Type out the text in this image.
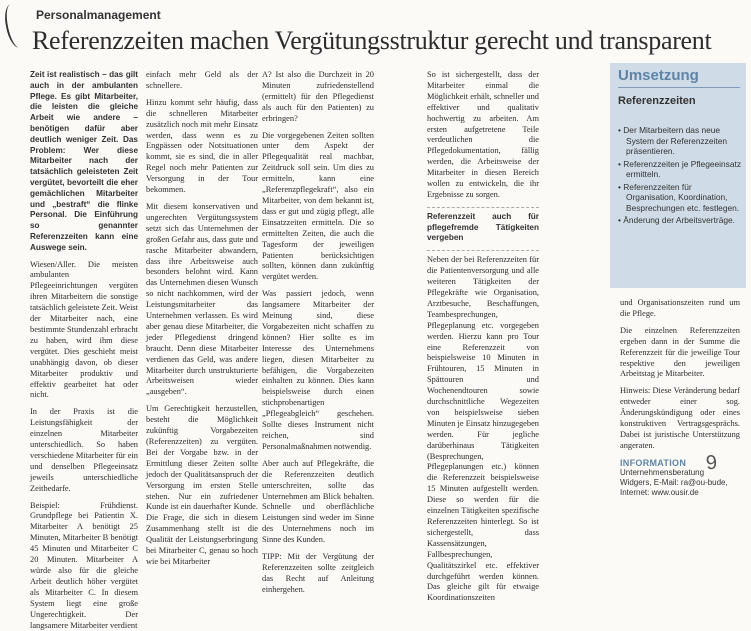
Personalmanagement
Referenzzeiten machen Vergütungsstruktur gerecht und transparent

Zeit ist realistisch – das gilt auch in der ambulanten Pflege. Es gibt Mitarbeiter, die leisten die gleiche Arbeit wie andere – benötigen dafür aber deutlich weniger Zeit. Das Problem: Wer diese Mitarbeiter nach der tatsächlich geleisteten Zeit vergütet, bevorteilt die eher gemächlichen Mitarbeiter und „bestraft“ die flinke Personal. Die Einführung so genannter Referenzzeiten kann eine Auswege sein.

Wiesen/Aller. Die meisten ambulanten Pflegeeinrichtungen vergüten ihren Mitarbeitern die sonstige tatsächlich geleistete Zeit. Weist der Mitarbeiter nach, eine bestimmte Stundenzahl erbracht zu haben, wird ihm diese vergütet. Dies geschieht meist unabhängig davon, ob dieser Mitarbeiter produktiv und effektiv gearbeitet hat oder nicht.

In der Praxis ist die Leistungsfähigkeit der einzelnen Mitarbeiter unterschiedlich. So haben verschiedene Mitarbeiter für ein und denselben Pflegeeinsatz jeweils unterschiedliche Zeitbedarfe.

Beispiel: Frühdienst. Grundpflege bei Patientin X. Mitarbeiter A benötigt 25 Minuten, Mitarbeiter B benötigt 45 Minuten und Mitarbeiter C 20 Minuten. Mitarbeiter A würde also für die gleiche Arbeit deutlich höher vergütet als Mitarbeiter C. In diesem System liegt eine große Ungerechtigkeit. Der langsamere Mitarbeiter verdient

einfach mehr Geld als der schnellere.

Hinzu kommt sehr häufig, dass die schnelleren Mitarbeiter zusätzlich noch mit mehr Einsatz werden, dass wenn es zu Engpässen oder Notsituationen kommt, sie es sind, die in aller Regel noch mehr Patienten zur Versorgung in der Tour bekommen.

Mit diesem konservativen und ungerechten Vergütungssystem setzt sich das Unternehmen der großen Gefahr aus, dass gute und rasche Mitarbeiter abwandern, dass ihre Arbeitsweise auch besonders belohnt wird. Kann das Unternehmen diesen Wunsch so nicht nachkommen, wird der Leistungsmitarbeiter das Unternehmen verlassen. Es wird aber genau diese Mitarbeiter, die jeder Pflegedienst dringend braucht. Denn diese Mitarbeiter verdienen das Geld, was andere Mitarbeiter durch unstrukturierte Arbeitsweisen wieder „ausgeben“.

Um Gerechtigkeit herzustellen, besteht die Möglichkeit zukünftig Vorgabezeiten (Referenzzeiten) zu vergüten. Bei der Vorgabe bzw. in der Ermittlung dieser Zeiten sollte jedoch der Qualitätsanspruch der Versorgung im ersten Stelle stehen. Nur ein zufriedener Kunde ist ein dauerhafter Kunde. Die Frage, die sich in diesem Zusammenhang stellt ist die Qualität der Leistungserbringung bei Mitarbeiter C, genau so hoch wie bei Mitarbeiter

A? Ist also die Durchzeit in 20 Minuten zufriedenstellend (ermittelt) für den Pflegedienst als auch für den Patienten) zu erbringen?

Die vorgegebenen Zeiten sollten unter dem Aspekt der Pflegequalität real machbar, Zeitdruck soll sein. Um dies zu ermitteln, kann eine „Referenzpflegekraft“, also ein Mitarbeiter, von dem bekannt ist, dass er gut und zügig pflegt, alle Einsatzzeiten ermitteln. Die so ermittelten Zeiten, die auch die Tagesform der jeweiligen Patienten berücksichtigen sollten, können dann zukünftig vergütet werden.

Was passiert jedoch, wenn langsamere Mitarbeiter der Meinung sind, diese Vorgabezeiten nicht schaffen zu können? Hier sollte es im Interesse des Unternehmens liegen, diesen Mitarbeiter zu befähigen, die Vorgabezeiten einhalten zu können. Dies kann beispielsweise durch einen stichprobenartigen „Pflegeabgleich“ geschehen. Sollte dieses Instrument nicht reichen, sind Personalmaßnahmen notwendig.

Aber auch auf Pflegekräfte, die die Referenzzeiten deutlich unterschreiten, sollte das Unternehmen am Blick behalten. Schnelle und oberflächliche Leistungen sind weder im Sinne des Unternehmens noch im Sinne des Kunden.

TIPP: Mit der Vergütung der Referenzzeiten sollte zeitgleich das Recht auf Anleitung einhergehen.

So ist sichergestellt, dass der Mitarbeiter einmal die Möglichkeit erhält, schneller und effektiver und qualitativ hochwertig zu arbeiten. Am ersten aufgetretene Teile verdeutlichen die Pflegedokumentation, fällig werden, die Arbeitsweise der Mitarbeiter in diesen Bereich wollen zu entwickeln, die ihr Ergebnisse zu sorgen.

Referenzzeit auch für pflegefremde Tätigkeiten vergeben

Neben der bei Referenzzeiten für die Patientenversorgung und alle weiteren Tätigkeiten der Pflegekräfte wie Organisation, Arztbesuche, Beschaffungen, Teambesprechungen, Pflegeplanung etc. vorgegeben werden. Hierzu kann pro Tour eine Referenzzeit von beispielsweise 10 Minuten in Frühtouren, 15 Minuten in Spättouren und Wochenendtouren sowie durchschnittliche Wegezeiten von beispielsweise sieben Minuten je Einsatz hinzugegeben werden. Für jegliche darüberhinaus Tätigkeiten (Besprechungen, Pflegeplanungen etc.) können die Referenzzeit beispielsweise 15 Minuten aufgestellt werden. Diese so werden für die einzelnen Tätigkeiten spezifische Referenzzeiten hinterlegt. So ist sichergestellt, dass Kassensätzungen, Fallbesprechungen, Qualitätszirkel etc. effektiver durchgeführt werden können. Das gleiche gilt für etwaige Koordinationszeiten

Umsetzung
Referenzzeiten
• Der Mitarbeitern das neue System der Referenzzeiten präsentieren.
• Referenzzeiten je Pflegeeinsatz ermitteln.
• Referenzzeiten für Organisation, Koordination, Besprechungen etc. festlegen.
• Änderung der Arbeitsverträge.

und Organisationszeiten rund um die Pflege.

Die einzelnen Referenzzeiten ergeben dann in der Summe die Referenzzeit für die jeweilige Tour respektive den jeweiligen Arbeitstag je Mitarbeiter.

Hinweis: Diese Veränderung bedarf entweder einer sog. Änderungskündigung oder eines konstruktiven Vertragsgesprächs. Dabei ist juristische Unterstützung angeraten.

INFORMATION
Unternehmensberatung
Widgers, E-Mail: ra@ou-bude,
Internet: www.ousir.de
9
